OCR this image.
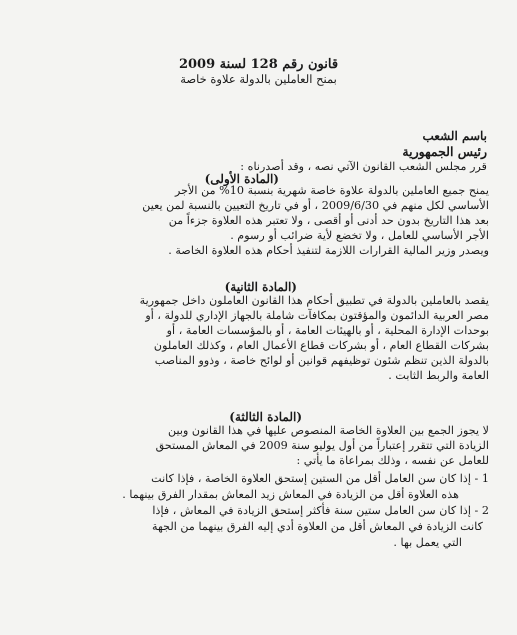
قانون رقم 128 لسنة 2009
بمنح العاملين بالدولة علاوة خاصة
باسم الشعب
رئيس الجمهورية
قرر مجلس الشعب القانون الآتي نصه ، وقد أصدرناه :
(المادة الأولى)
يمنح جميع العاملين بالدولة علاوة خاصة شهرية بنسبة 10% من الأجر
الأساسي لكل منهم في 2009/6/30 ، أو في تاريخ التعيين بالنسبة لمن يعين
بعد هذا التاريخ بدون حد أدنى أو أقصى ، ولا تعتبر هذه العلاوة جزءاً من
الأجر الأساسي للعامل ، ولا تخضع لأية ضرائب أو رسوم .
ويصدر وزير المالية القرارات اللازمة لتنفيذ أحكام هذه العلاوة الخاصة .
(المادة الثانية)
يقصد بالعاملين بالدولة في تطبيق أحكام هذا القانون العاملون داخل جمهورية
مصر العربية الدائمون والمؤقتون بمكافآت شاملة بالجهاز الإداري للدولة ، أو
بوحدات الإدارة المحلية ، أو بالهيئات العامة ، أو بالمؤسسات العامة ، أو
بشركات القطاع العام ، أو بشركات قطاع الأعمال العام ، وكذلك العاملون
بالدولة الذين تنظم شئون توظيفهم قوانين أو لوائح خاصة ، وذوو المناصب
العامة والربط الثابت .
(المادة الثالثة)
لا يجوز الجمع بين العلاوة الخاصة المنصوص عليها في هذا القانون وبين
الزيادة التي تتقرر إعتباراً من أول يوليو سنة 2009 في المعاش المستحق
للعامل عن نفسه ، وذلك بمراعاة ما يأتي :
1 - إذا كان سن العامل أقل من الستين إستحق العلاوة الخاصة ، فإذا كانت
هذه العلاوة أقل من الزيادة في المعاش زيد المعاش بمقدار الفرق بينهما .
2 - إذا كان سن العامل ستين سنة فأكثر إستحق الزيادة في المعاش ، فإذا
كانت الزيادة في المعاش أقل من العلاوة أدي إليه الفرق بينهما من الجهة
التي يعمل بها .
